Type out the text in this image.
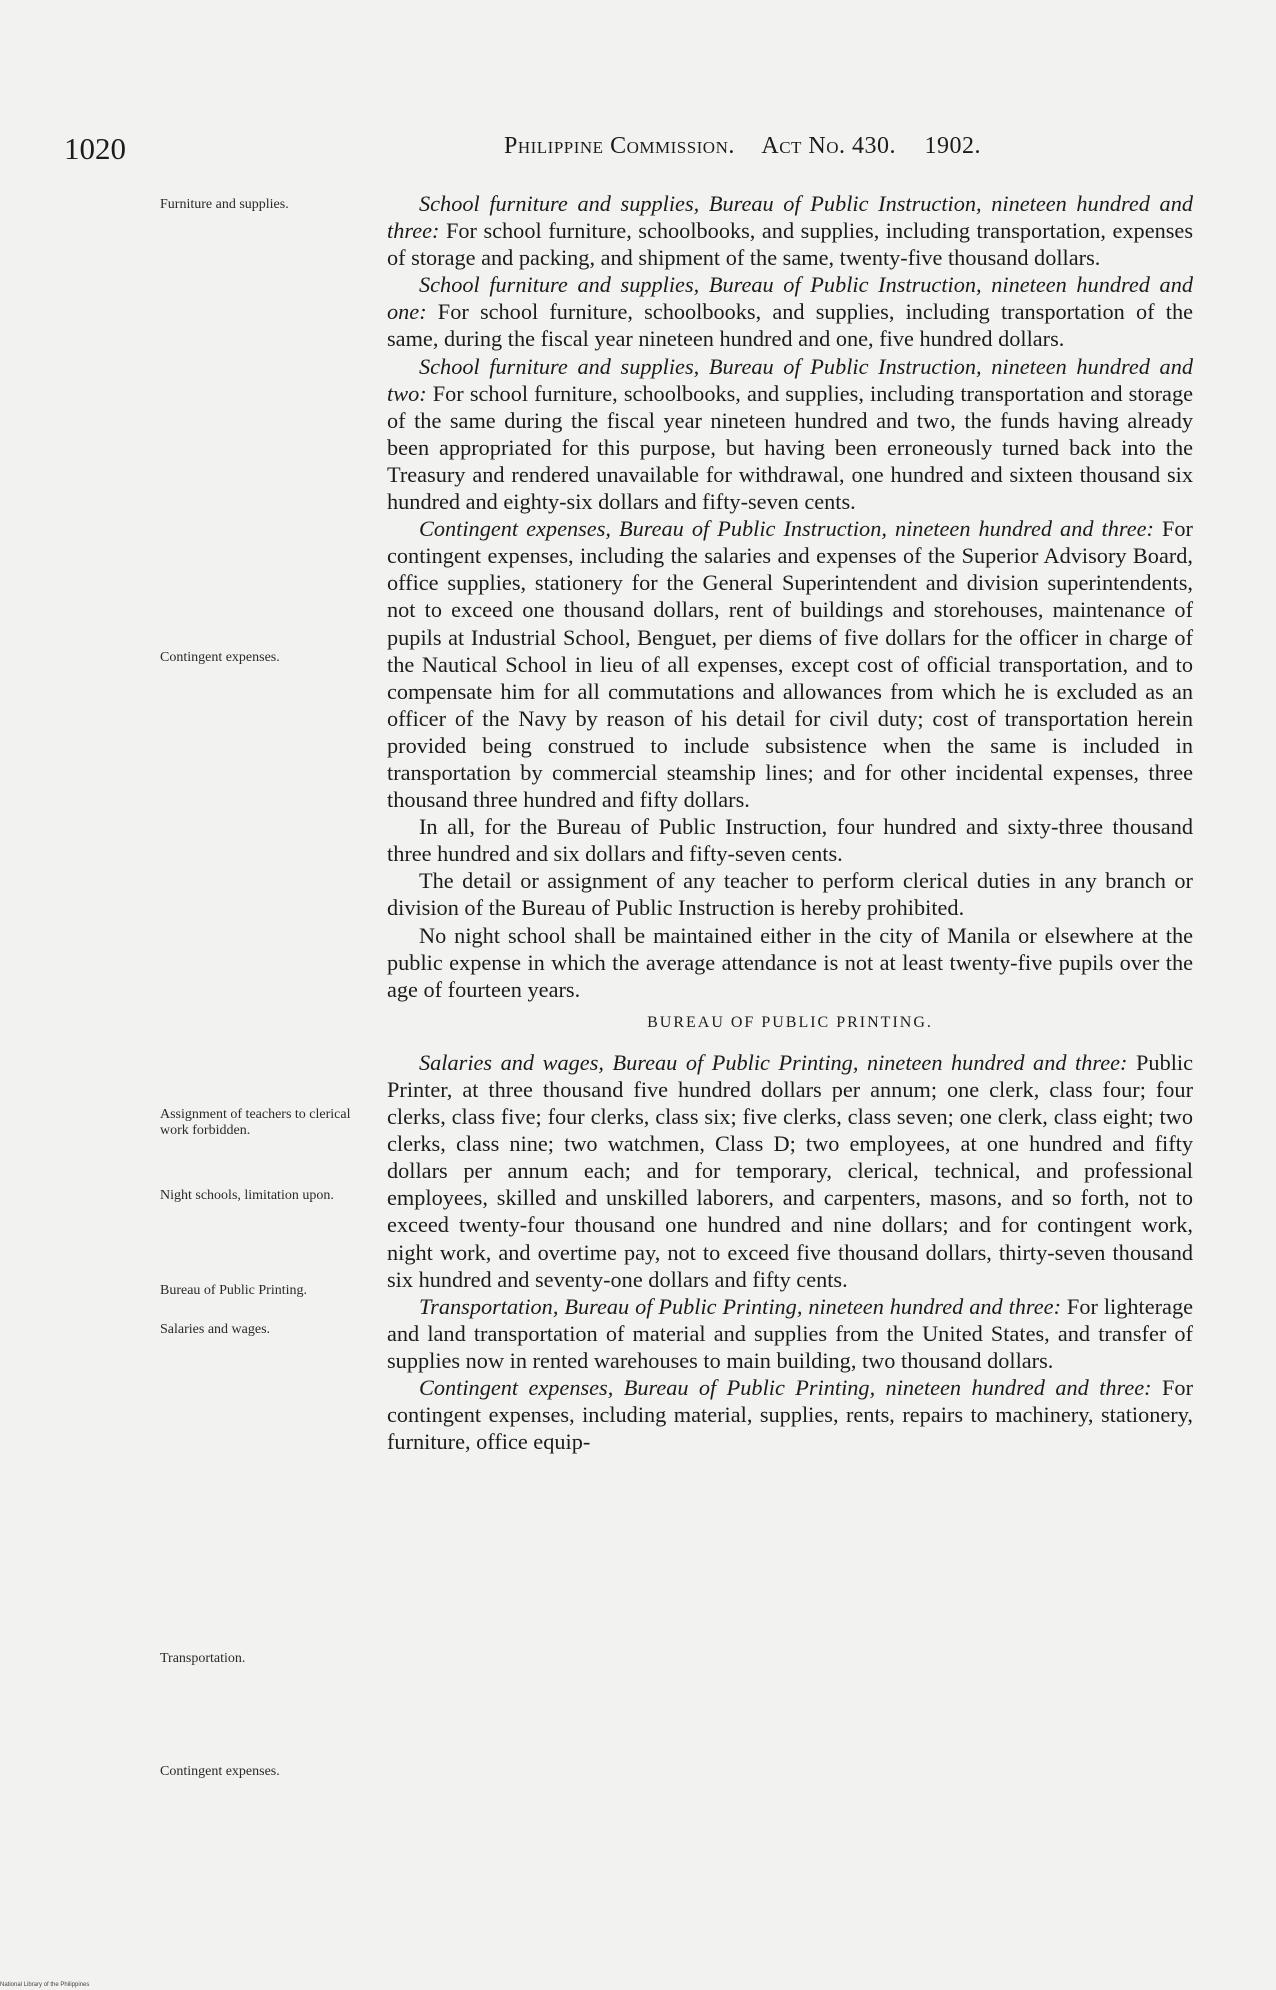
1020	Philippine Commission. Act No. 430. 1902.
Furniture and supplies.
Contingent expenses.
Assignment of teachers to clerical work forbidden.
Night schools, limitation upon.
Bureau of Public Printing.
Salaries and wages.
Transportation.
Contingent expenses.

School furniture and supplies, Bureau of Public Instruction, nineteen hundred and three: For school furniture, schoolbooks, and supplies, including transportation, expenses of storage and packing, and shipment of the same, twenty-five thousand dollars.

School furniture and supplies, Bureau of Public Instruction, nineteen hundred and one: For school furniture, schoolbooks, and supplies, including transportation of the same, during the fiscal year nineteen hundred and one, five hundred dollars.

School furniture and supplies, Bureau of Public Instruction, nineteen hundred and two: For school furniture, schoolbooks, and supplies, including transportation and storage of the same during the fiscal year nineteen hundred and two, the funds having already been appropriated for this purpose, but having been erroneously turned back into the Treasury and rendered unavailable for withdrawal, one hundred and sixteen thousand six hundred and eighty-six dollars and fifty-seven cents.

Contingent expenses, Bureau of Public Instruction, nineteen hundred and three: For contingent expenses, including the salaries and expenses of the Superior Advisory Board, office supplies, stationery for the General Superintendent and division superintendents, not to exceed one thousand dollars, rent of buildings and storehouses, maintenance of pupils at Industrial School, Benguet, per diems of five dollars for the officer in charge of the Nautical School in lieu of all expenses, except cost of official transportation, and to compensate him for all commutations and allowances from which he is excluded as an officer of the Navy by reason of his detail for civil duty; cost of transportation herein provided being construed to include subsistence when the same is included in transportation by commercial steamship lines; and for other incidental expenses, three thousand three hundred and fifty dollars.

In all, for the Bureau of Public Instruction, four hundred and sixty-three thousand three hundred and six dollars and fifty-seven cents.

The detail or assignment of any teacher to perform clerical duties in any branch or division of the Bureau of Public Instruction is hereby prohibited.

No night school shall be maintained either in the city of Manila or elsewhere at the public expense in which the average attendance is not at least twenty-five pupils over the age of fourteen years.

BUREAU OF PUBLIC PRINTING.

Salaries and wages, Bureau of Public Printing, nineteen hundred and three: Public Printer, at three thousand five hundred dollars per annum; one clerk, class four; four clerks, class five; four clerks, class six; five clerks, class seven; one clerk, class eight; two clerks, class nine; two watchmen, Class D; two employees, at one hundred and fifty dollars per annum each; and for temporary, clerical, technical, and professional employees, skilled and unskilled laborers, and carpenters, masons, and so forth, not to exceed twenty-four thousand one hundred and nine dollars; and for contingent work, night work, and overtime pay, not to exceed five thousand dollars, thirty-seven thousand six hundred and seventy-one dollars and fifty cents.

Transportation, Bureau of Public Printing, nineteen hundred and three: For lighterage and land transportation of material and supplies from the United States, and transfer of supplies now in rented warehouses to main building, two thousand dollars.

Contingent expenses, Bureau of Public Printing, nineteen hundred and three: For contingent expenses, including material, supplies, rents, repairs to machinery, stationery, furniture, office equip-

National Library of the Philippines
